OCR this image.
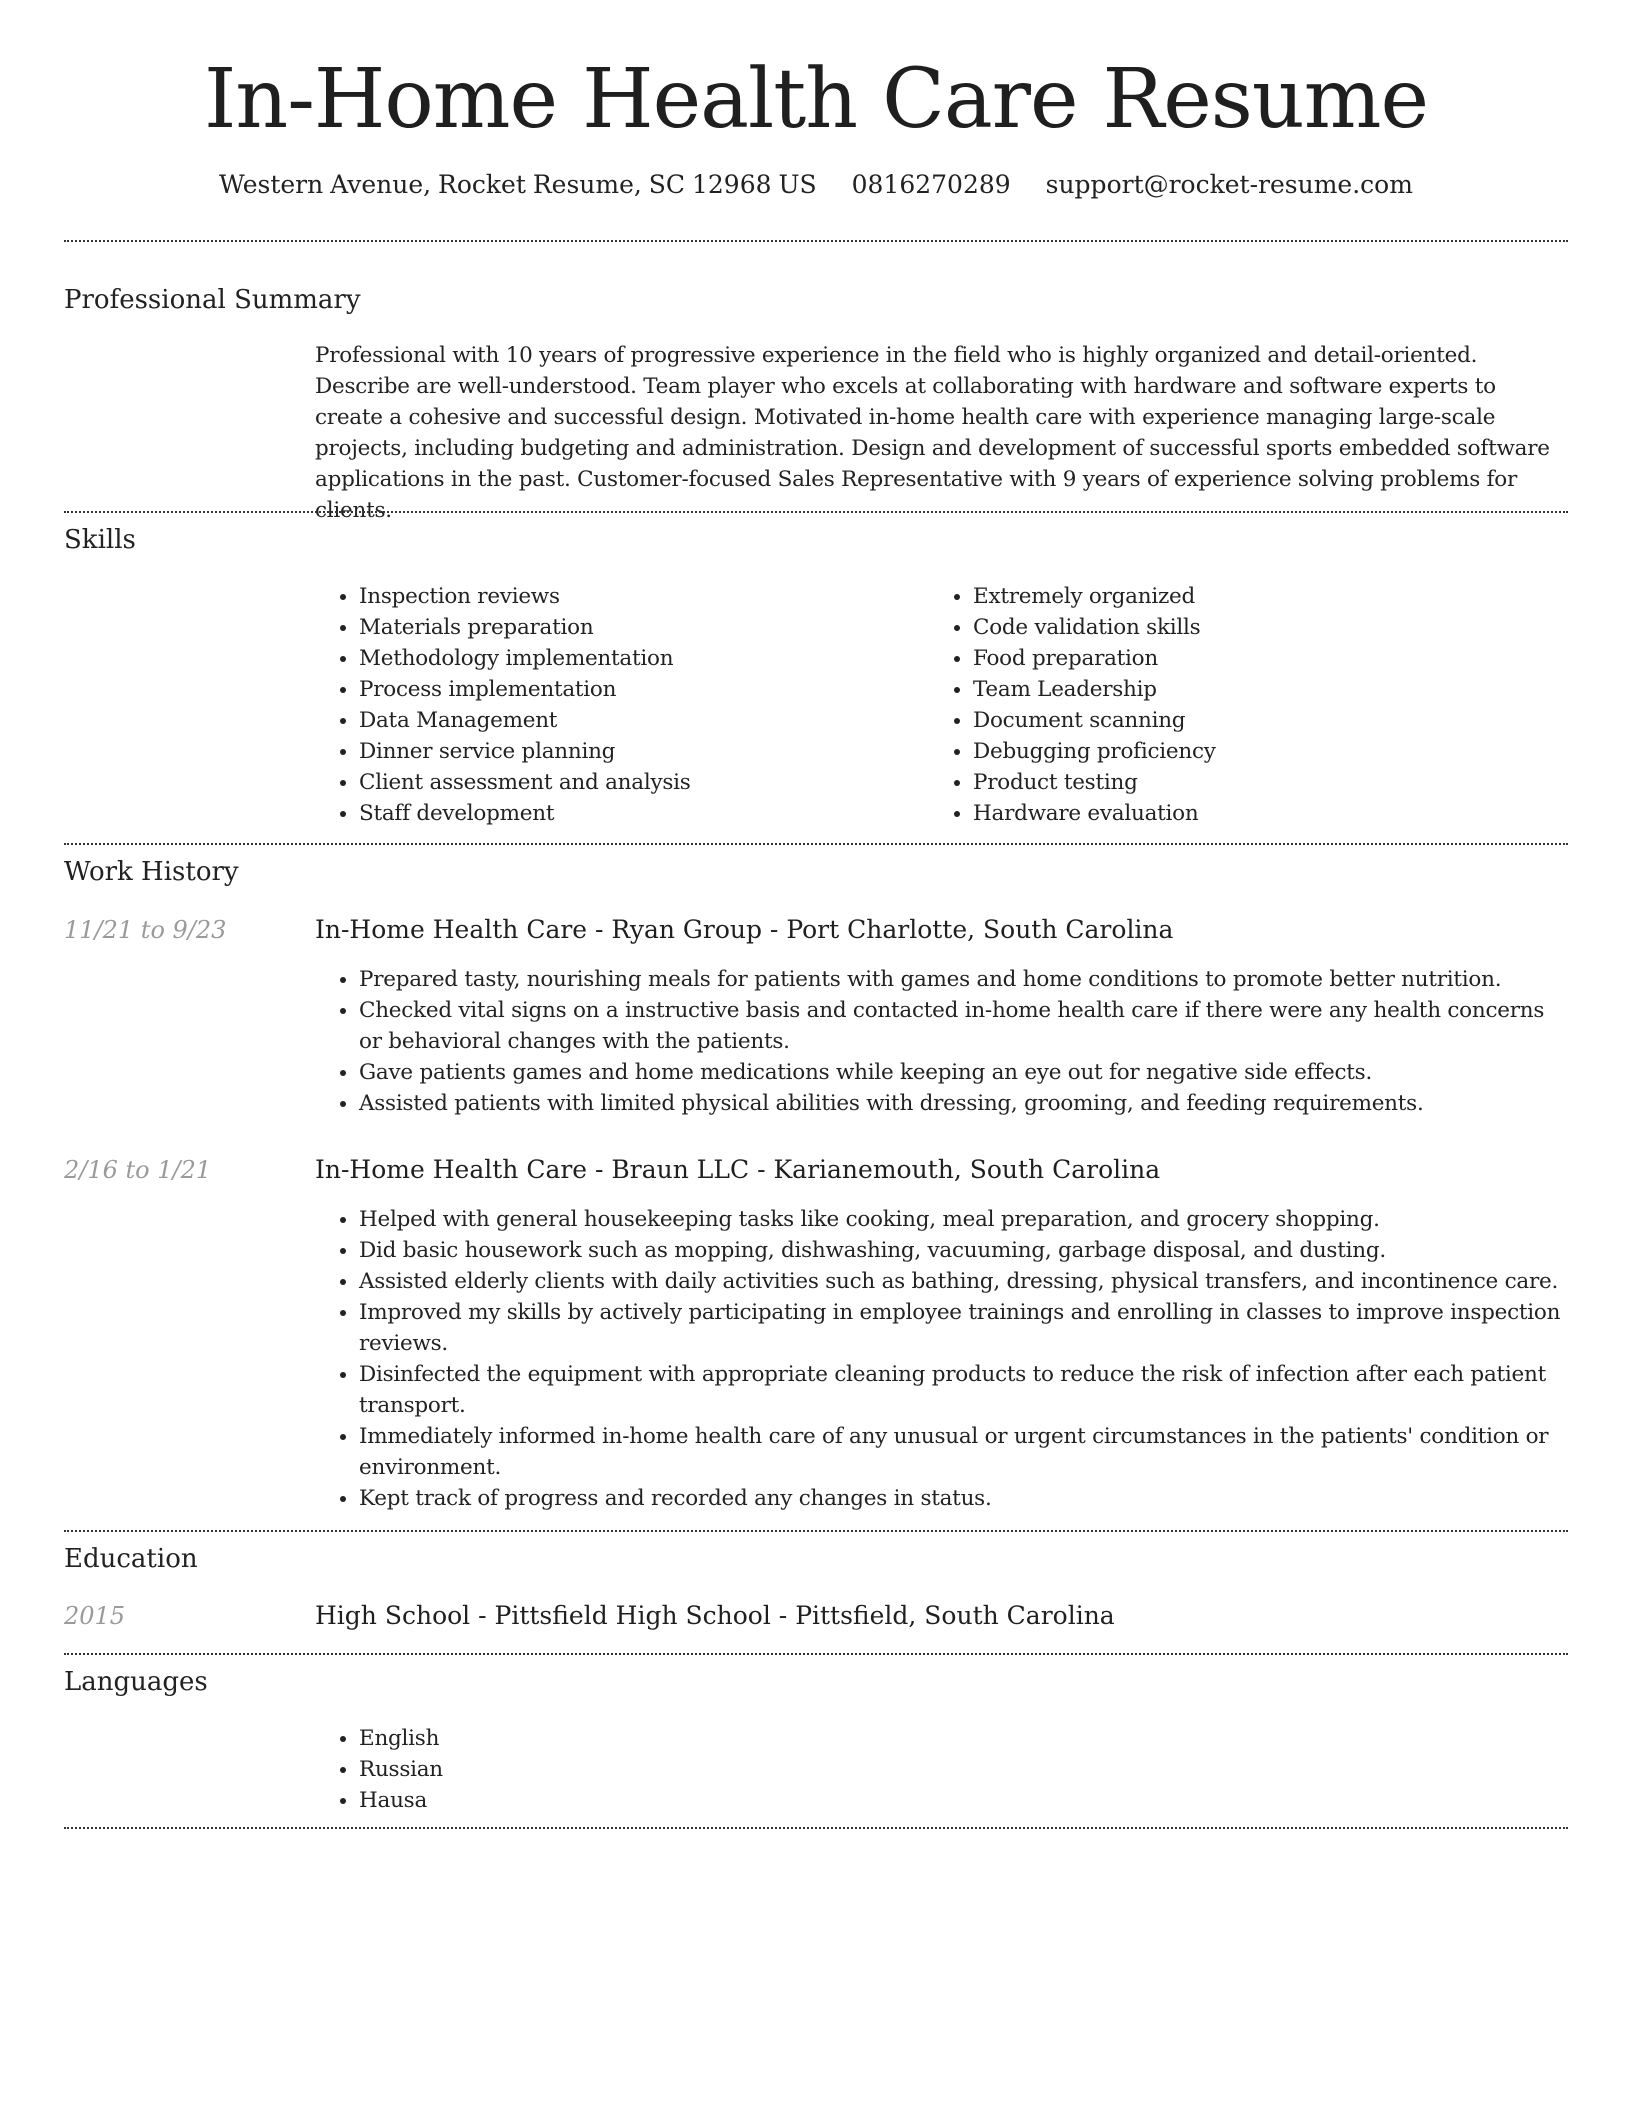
In-Home Health Care Resume
Western Avenue, Rocket Resume, SC 12968 US 0816270289 support@rocket-resume.com
Professional Summary

Professional with 10 years of progressive experience in the field who is highly organized and detail-oriented. Describe are well-understood. Team player who excels at collaborating with hardware and software experts to create a cohesive and successful design. Motivated in-home health care with experience managing large-scale projects, including budgeting and administration. Design and development of successful sports embedded software applications in the past. Customer-focused Sales Representative with 9 years of experience solving problems for clients.

Skills
• Inspection reviews
• Materials preparation
• Methodology implementation
• Process implementation
• Data Management
• Dinner service planning
• Client assessment and analysis
• Staff development
• Extremely organized
• Code validation skills
• Food preparation
• Team Leadership
• Document scanning
• Debugging proficiency
• Product testing
• Hardware evaluation
Work History
11/21 to 9/23	In-Home Health Care - Ryan Group - Port Charlotte, South Carolina
• Prepared tasty, nourishing meals for patients with games and home conditions to promote better nutrition.
• Checked vital signs on a instructive basis and contacted in-home health care if there were any health concerns or behavioral changes with the patients.
• Gave patients games and home medications while keeping an eye out for negative side effects.
• Assisted patients with limited physical abilities with dressing, grooming, and feeding requirements.
2/16 to 1/21	In-Home Health Care - Braun LLC - Karianemouth, South Carolina
• Helped with general housekeeping tasks like cooking, meal preparation, and grocery shopping.
• Did basic housework such as mopping, dishwashing, vacuuming, garbage disposal, and dusting.
• Assisted elderly clients with daily activities such as bathing, dressing, physical transfers, and incontinence care.
• Improved my skills by actively participating in employee trainings and enrolling in classes to improve inspection reviews.
• Disinfected the equipment with appropriate cleaning products to reduce the risk of infection after each patient transport.
• Immediately informed in-home health care of any unusual or urgent circumstances in the patients' condition or environment.
• Kept track of progress and recorded any changes in status.
Education
2015	High School - Pittsfield High School - Pittsfield, South Carolina
Languages
• English
• Russian
• Hausa
